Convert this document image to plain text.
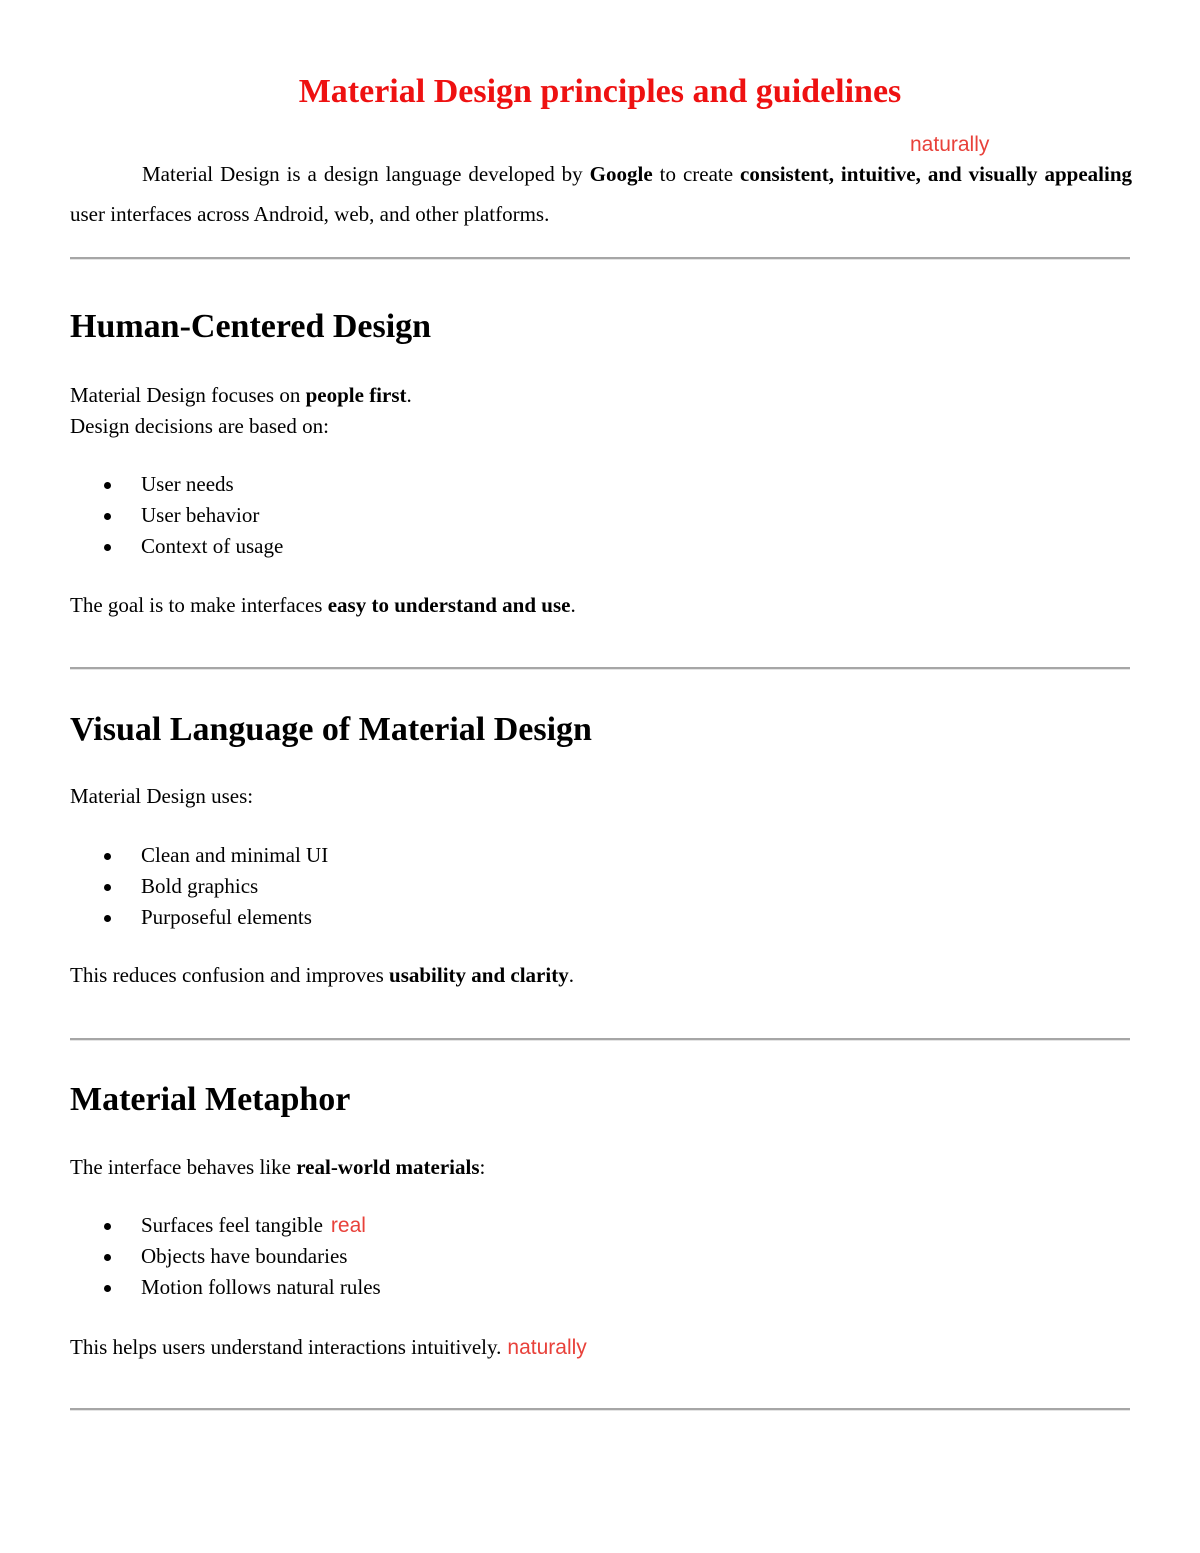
Material Design principles and guidelines
naturally

Material Design is a design language developed by Google to create consistent, intuitive, and visually appealing user interfaces across Android, web, and other platforms.

Human-Centered Design

Material Design focuses on people first.

Design decisions are based on:

User needs
User behavior
Context of usage

The goal is to make interfaces easy to understand and use.

Visual Language of Material Design

Material Design uses:

Clean and minimal UI
Bold graphics
Purposeful elements

This reduces confusion and improves usability and clarity.

Material Metaphor

The interface behaves like real-world materials:

Surfaces feel tangible real
Objects have boundaries
Motion follows natural rules

This helps users understand interactions intuitively. naturally
